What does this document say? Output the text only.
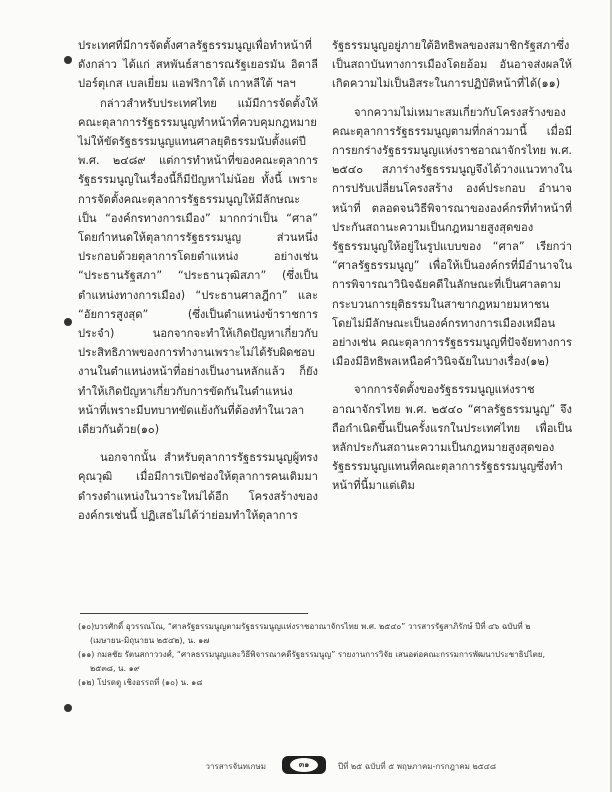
ประเทศที่มีการจัดตั้งศาลรัฐธรรมนูญเพื่อทำหน้าที่ดังกล่าว ได้แก่ สหพันธ์สาธารณรัฐเยอรมัน อิตาลี ปอร์ตุเกส เบลเยี่ยม แอฟริกาใต้ เกาหลีใต้ ฯลฯ

กล่าวสำหรับประเทศไทย แม้มีการจัดตั้งให้คณะตุลาการรัฐธรรมนูญทำหน้าที่ควบคุมกฎหมายไม่ให้ขัดรัฐธรรมนูญแทนศาลยุติธรรมนับตั้งแต่ปี พ.ศ. ๒๔๘๙ แต่การทำหน้าที่ของคณะตุลาการรัฐธรรมนูญในเรื่องนี้ก็มีปัญหาไม่น้อย ทั้งนี้ เพราะการจัดตั้งคณะตุลาการรัฐธรรมนูญให้มีลักษณะเป็น “องค์กรทางการเมือง” มากกว่าเป็น “ศาล” โดยกำหนดให้ตุลาการรัฐธรรมนูญ ส่วนหนึ่งประกอบด้วยตุลาการโดยตำแหน่ง อย่างเช่น “ประธานรัฐสภา” “ประธานวุฒิสภา” (ซึ่งเป็นตำแหน่งทางการเมือง) “ประธานศาลฎีกา” และ “อัยการสูงสุด” (ซึ่งเป็นตำแหน่งข้าราชการประจำ) นอกจากจะทำให้เกิดปัญหาเกี่ยวกับประสิทธิภาพของการทำงานเพราะไม่ได้รับผิดชอบงานในตำแหน่งหน้าที่อย่างเป็นงานหลักแล้ว ก็ยังทำให้เกิดปัญหาเกี่ยวกับการขัดกันในตำแหน่งหน้าที่เพราะมีบทบาทขัดแย้งกันที่ต้องทำในเวลาเดียวกันด้วย(๑๐)

นอกจากนั้น สำหรับตุลาการรัฐธรรมนูญผู้ทรงคุณวุฒิ เมื่อมีการเปิดช่องให้ตุลาการคนเดิมมาดำรงตำแหน่งในวาระใหม่ได้อีก โครงสร้างขององค์กรเช่นนี้ ปฏิเสธไม่ได้ว่าย่อมทำให้ตุลาการ

รัฐธรรมนูญอยู่ภายใต้อิทธิพลของสมาชิกรัฐสภาซึ่งเป็นสถาบันทางการเมืองโดยอ้อม อันอาจส่งผลให้เกิดความไม่เป็นอิสระในการปฏิบัติหน้าที่ได้(๑๑)

จากความไม่เหมาะสมเกี่ยวกับโครงสร้างของคณะตุลาการรัฐธรรมนูญตามที่กล่าวมานี้ เมื่อมีการยกร่างรัฐธรรมนูญแห่งราชอาณาจักรไทย พ.ศ. ๒๕๔๐ สภาร่างรัฐธรรมนูญจึงได้วางแนวทางในการปรับเปลี่ยนโครงสร้าง องค์ประกอบ อำนาจ หน้าที่ ตลอดจนวิธีพิจารณาขององค์กรที่ทำหน้าที่ประกันสถานะความเป็นกฎหมายสูงสุดของรัฐธรรมนูญให้อยู่ในรูปแบบของ “ศาล” เรียกว่า “ศาลรัฐธรรมนูญ” เพื่อให้เป็นองค์กรที่มีอำนาจในการพิจารณาวินิจฉัยคดีในลักษณะที่เป็นศาลตามกระบวนการยุติธรรมในสาขากฎหมายมหาชน โดยไม่มีลักษณะเป็นองค์กรทางการเมืองเหมือนอย่างเช่น คณะตุลาการรัฐธรรมนูญที่ปัจจัยทางการเมืองมีอิทธิพลเหนือคำวินิจฉัยในบางเรื่อง(๑๒)

จากการจัดตั้งของรัฐธรรมนูญแห่งราชอาณาจักรไทย พ.ศ. ๒๕๔๐ “ศาลรัฐธรรมนูญ” จึงถือกำเนิดขึ้นเป็นครั้งแรกในประเทศไทย เพื่อเป็นหลักประกันสถานะความเป็นกฎหมายสูงสุดของรัฐธรรมนูญแทนที่คณะตุลาการรัฐธรรมนูญซึ่งทำหน้าที่นี้มาแต่เดิม

(๑๐)บวรศักดิ์ อุวรรณโณ, “ศาลรัฐธรรมนูญตามรัฐธรรมนูญแห่งราชอาณาจักรไทย พ.ศ. ๒๕๔๐” วารสารรัฐสาภิรักษ์ ปีที่ ๔๖ ฉบับที่ ๒

(เมษายน-มิถุนายน ๒๕๔๒), น. ๑๗

(๑๑) กมลชัย รัตนสกาววงศ์, “ศาลธรรมนูญและวิธีพิจารณาคดีรัฐธรรมนูญ” รายงานการวิจัย เสนอต่อคณะกรรมการพัฒนาประชาธิปไตย,

๒๕๓๘, น. ๑๙

(๑๒) โปรดดู เชิงอรรถที่ (๑๐) น. ๑๘

วารสารจันทเกษม	๓๑	ปีที่ ๒๕ ฉบับที่ ๕ พฤษภาคม-กรกฎาคม ๒๕๔๘
